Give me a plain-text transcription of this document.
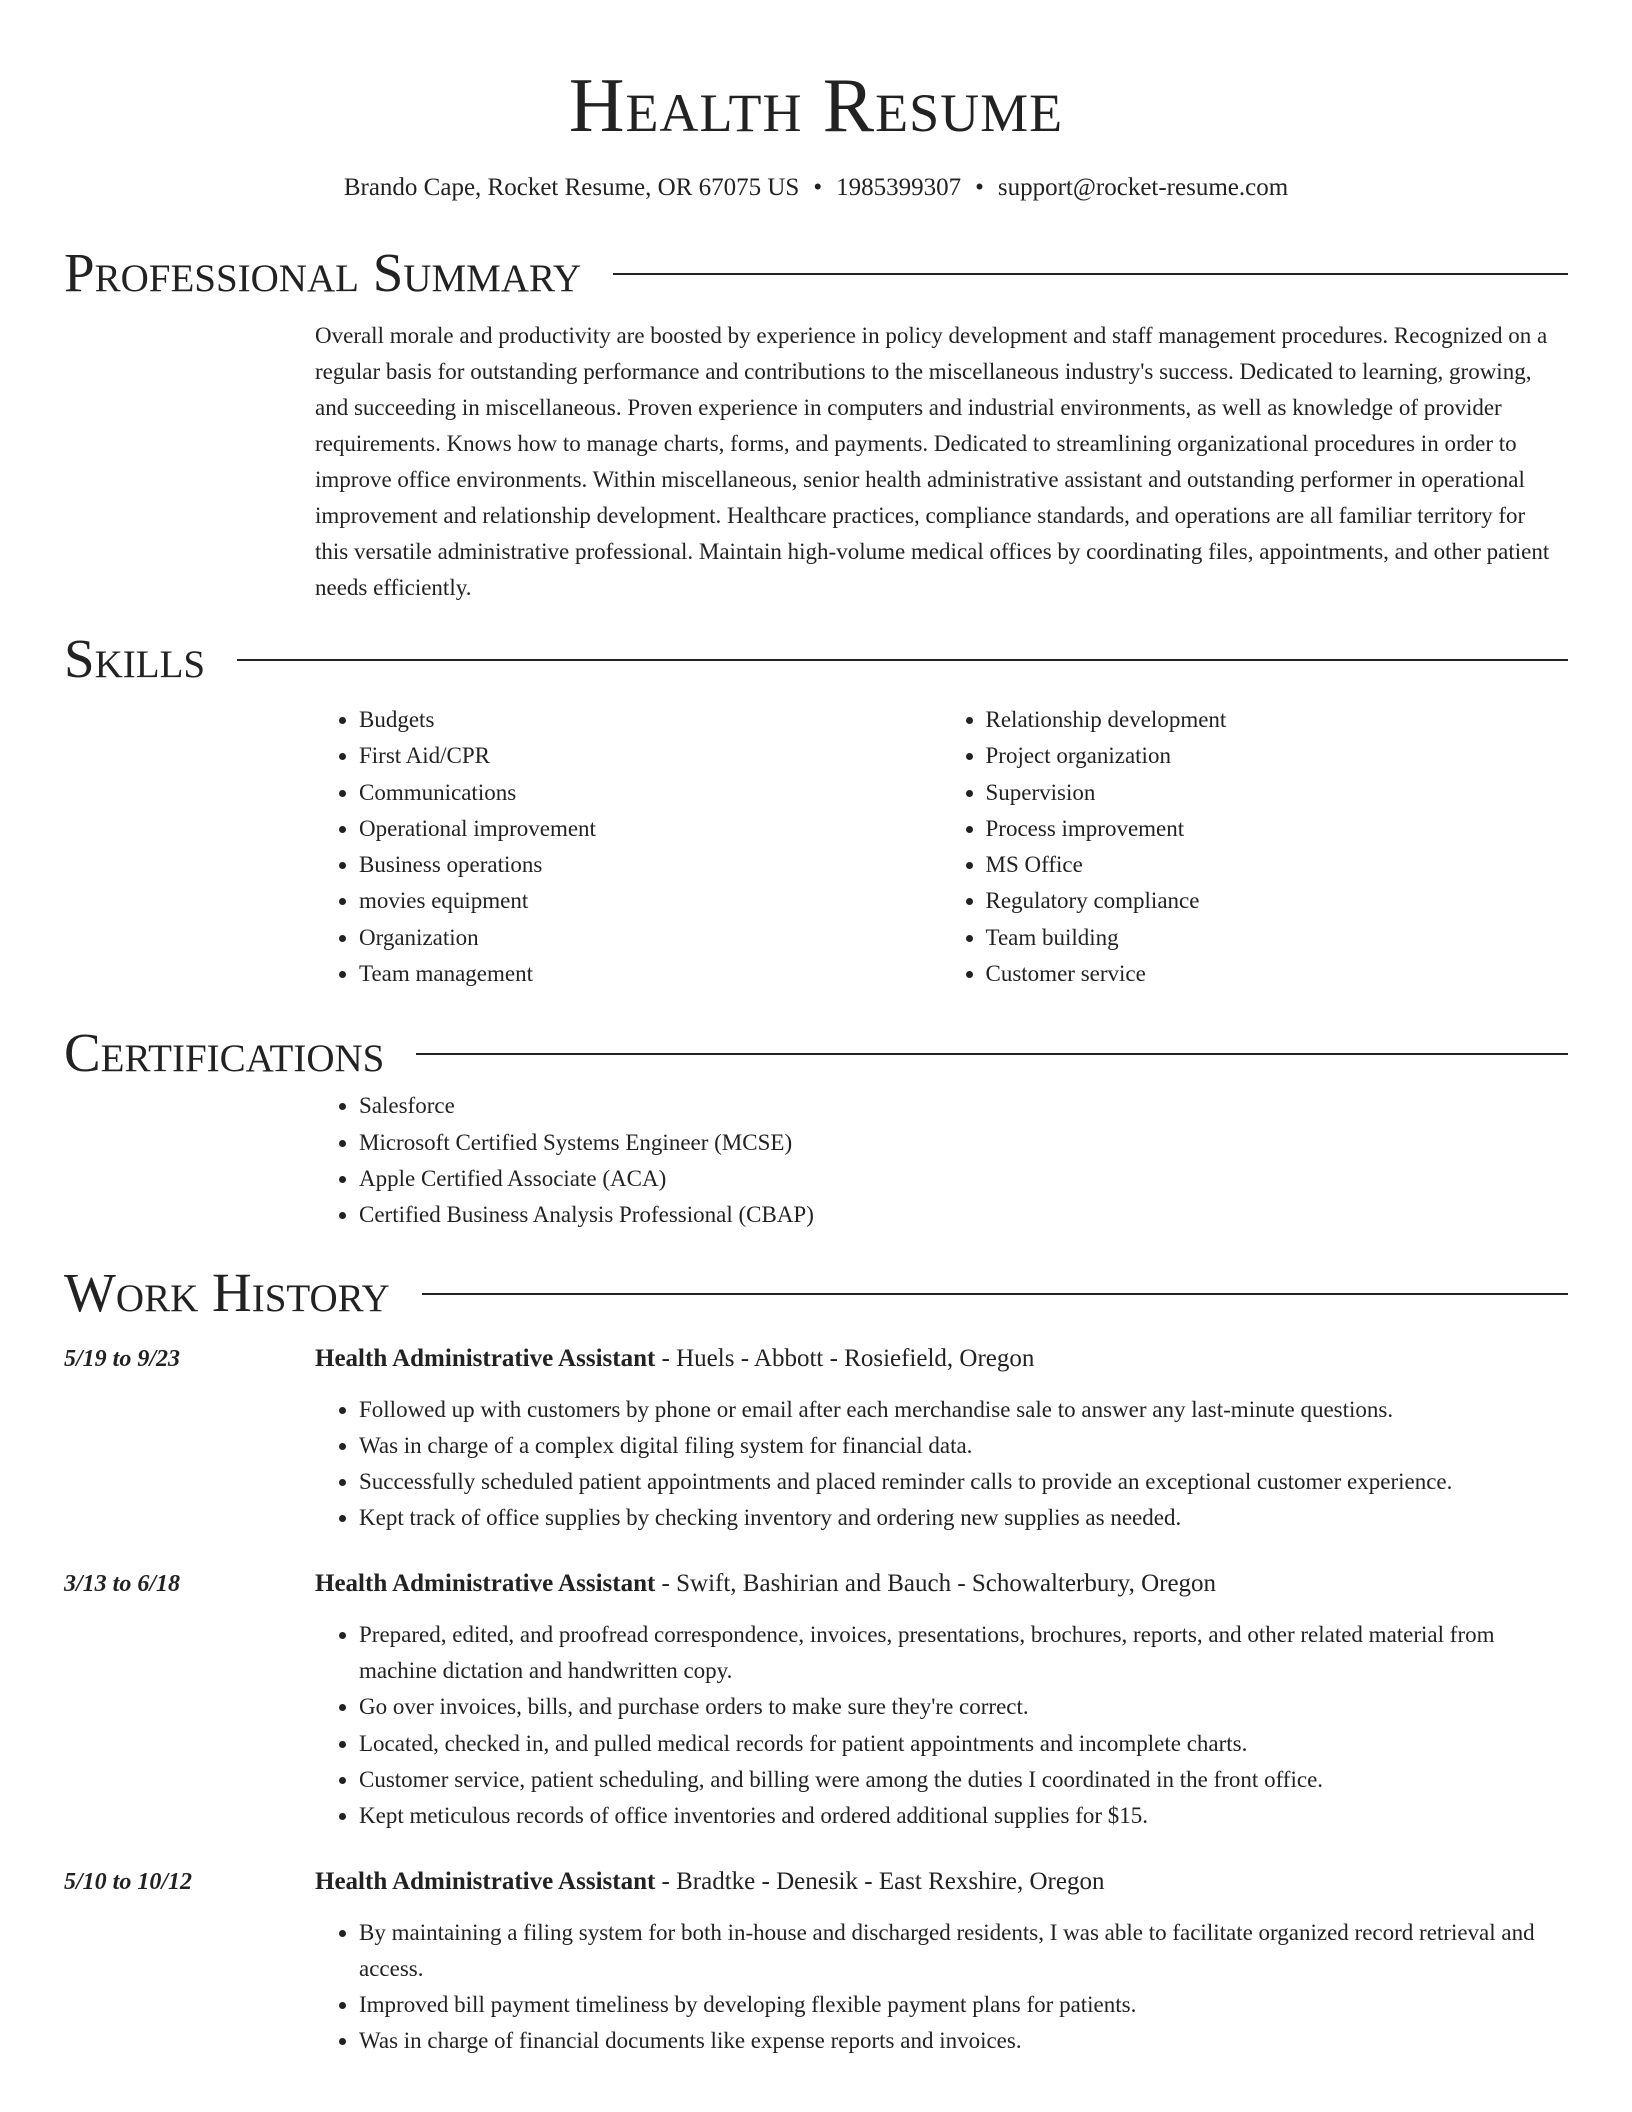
Health Resume
Brando Cape, Rocket Resume, OR 67075 US • 1985399307 • support@rocket-resume.com
Professional Summary

Overall morale and productivity are boosted by experience in policy development and staff management procedures. Recognized on a regular basis for outstanding performance and contributions to the miscellaneous industry's success. Dedicated to learning, growing, and succeeding in miscellaneous. Proven experience in computers and industrial environments, as well as knowledge of provider requirements. Knows how to manage charts, forms, and payments. Dedicated to streamlining organizational procedures in order to improve office environments. Within miscellaneous, senior health administrative assistant and outstanding performer in operational improvement and relationship development. Healthcare practices, compliance standards, and operations are all familiar territory for this versatile administrative professional. Maintain high-volume medical offices by coordinating files, appointments, and other patient needs efficiently.

Skills
• Budgets
• First Aid/CPR
• Communications
• Operational improvement
• Business operations
• movies equipment
• Organization
• Team management
• Relationship development
• Project organization
• Supervision
• Process improvement
• MS Office
• Regulatory compliance
• Team building
• Customer service
Certifications
• Salesforce
• Microsoft Certified Systems Engineer (MCSE)
• Apple Certified Associate (ACA)
• Certified Business Analysis Professional (CBAP)
Work History
5/19 to 9/23	Health Administrative Assistant - Huels - Abbott - Rosiefield, Oregon
• Followed up with customers by phone or email after each merchandise sale to answer any last-minute questions.
• Was in charge of a complex digital filing system for financial data.
• Successfully scheduled patient appointments and placed reminder calls to provide an exceptional customer experience.
• Kept track of office supplies by checking inventory and ordering new supplies as needed.
3/13 to 6/18	Health Administrative Assistant - Swift, Bashirian and Bauch - Schowalterbury, Oregon
• Prepared, edited, and proofread correspondence, invoices, presentations, brochures, reports, and other related material from machine dictation and handwritten copy.
• Go over invoices, bills, and purchase orders to make sure they're correct.
• Located, checked in, and pulled medical records for patient appointments and incomplete charts.
• Customer service, patient scheduling, and billing were among the duties I coordinated in the front office.
• Kept meticulous records of office inventories and ordered additional supplies for $15.
5/10 to 10/12	Health Administrative Assistant - Bradtke - Denesik - East Rexshire, Oregon
• By maintaining a filing system for both in-house and discharged residents, I was able to facilitate organized record retrieval and access.
• Improved bill payment timeliness by developing flexible payment plans for patients.
• Was in charge of financial documents like expense reports and invoices.
